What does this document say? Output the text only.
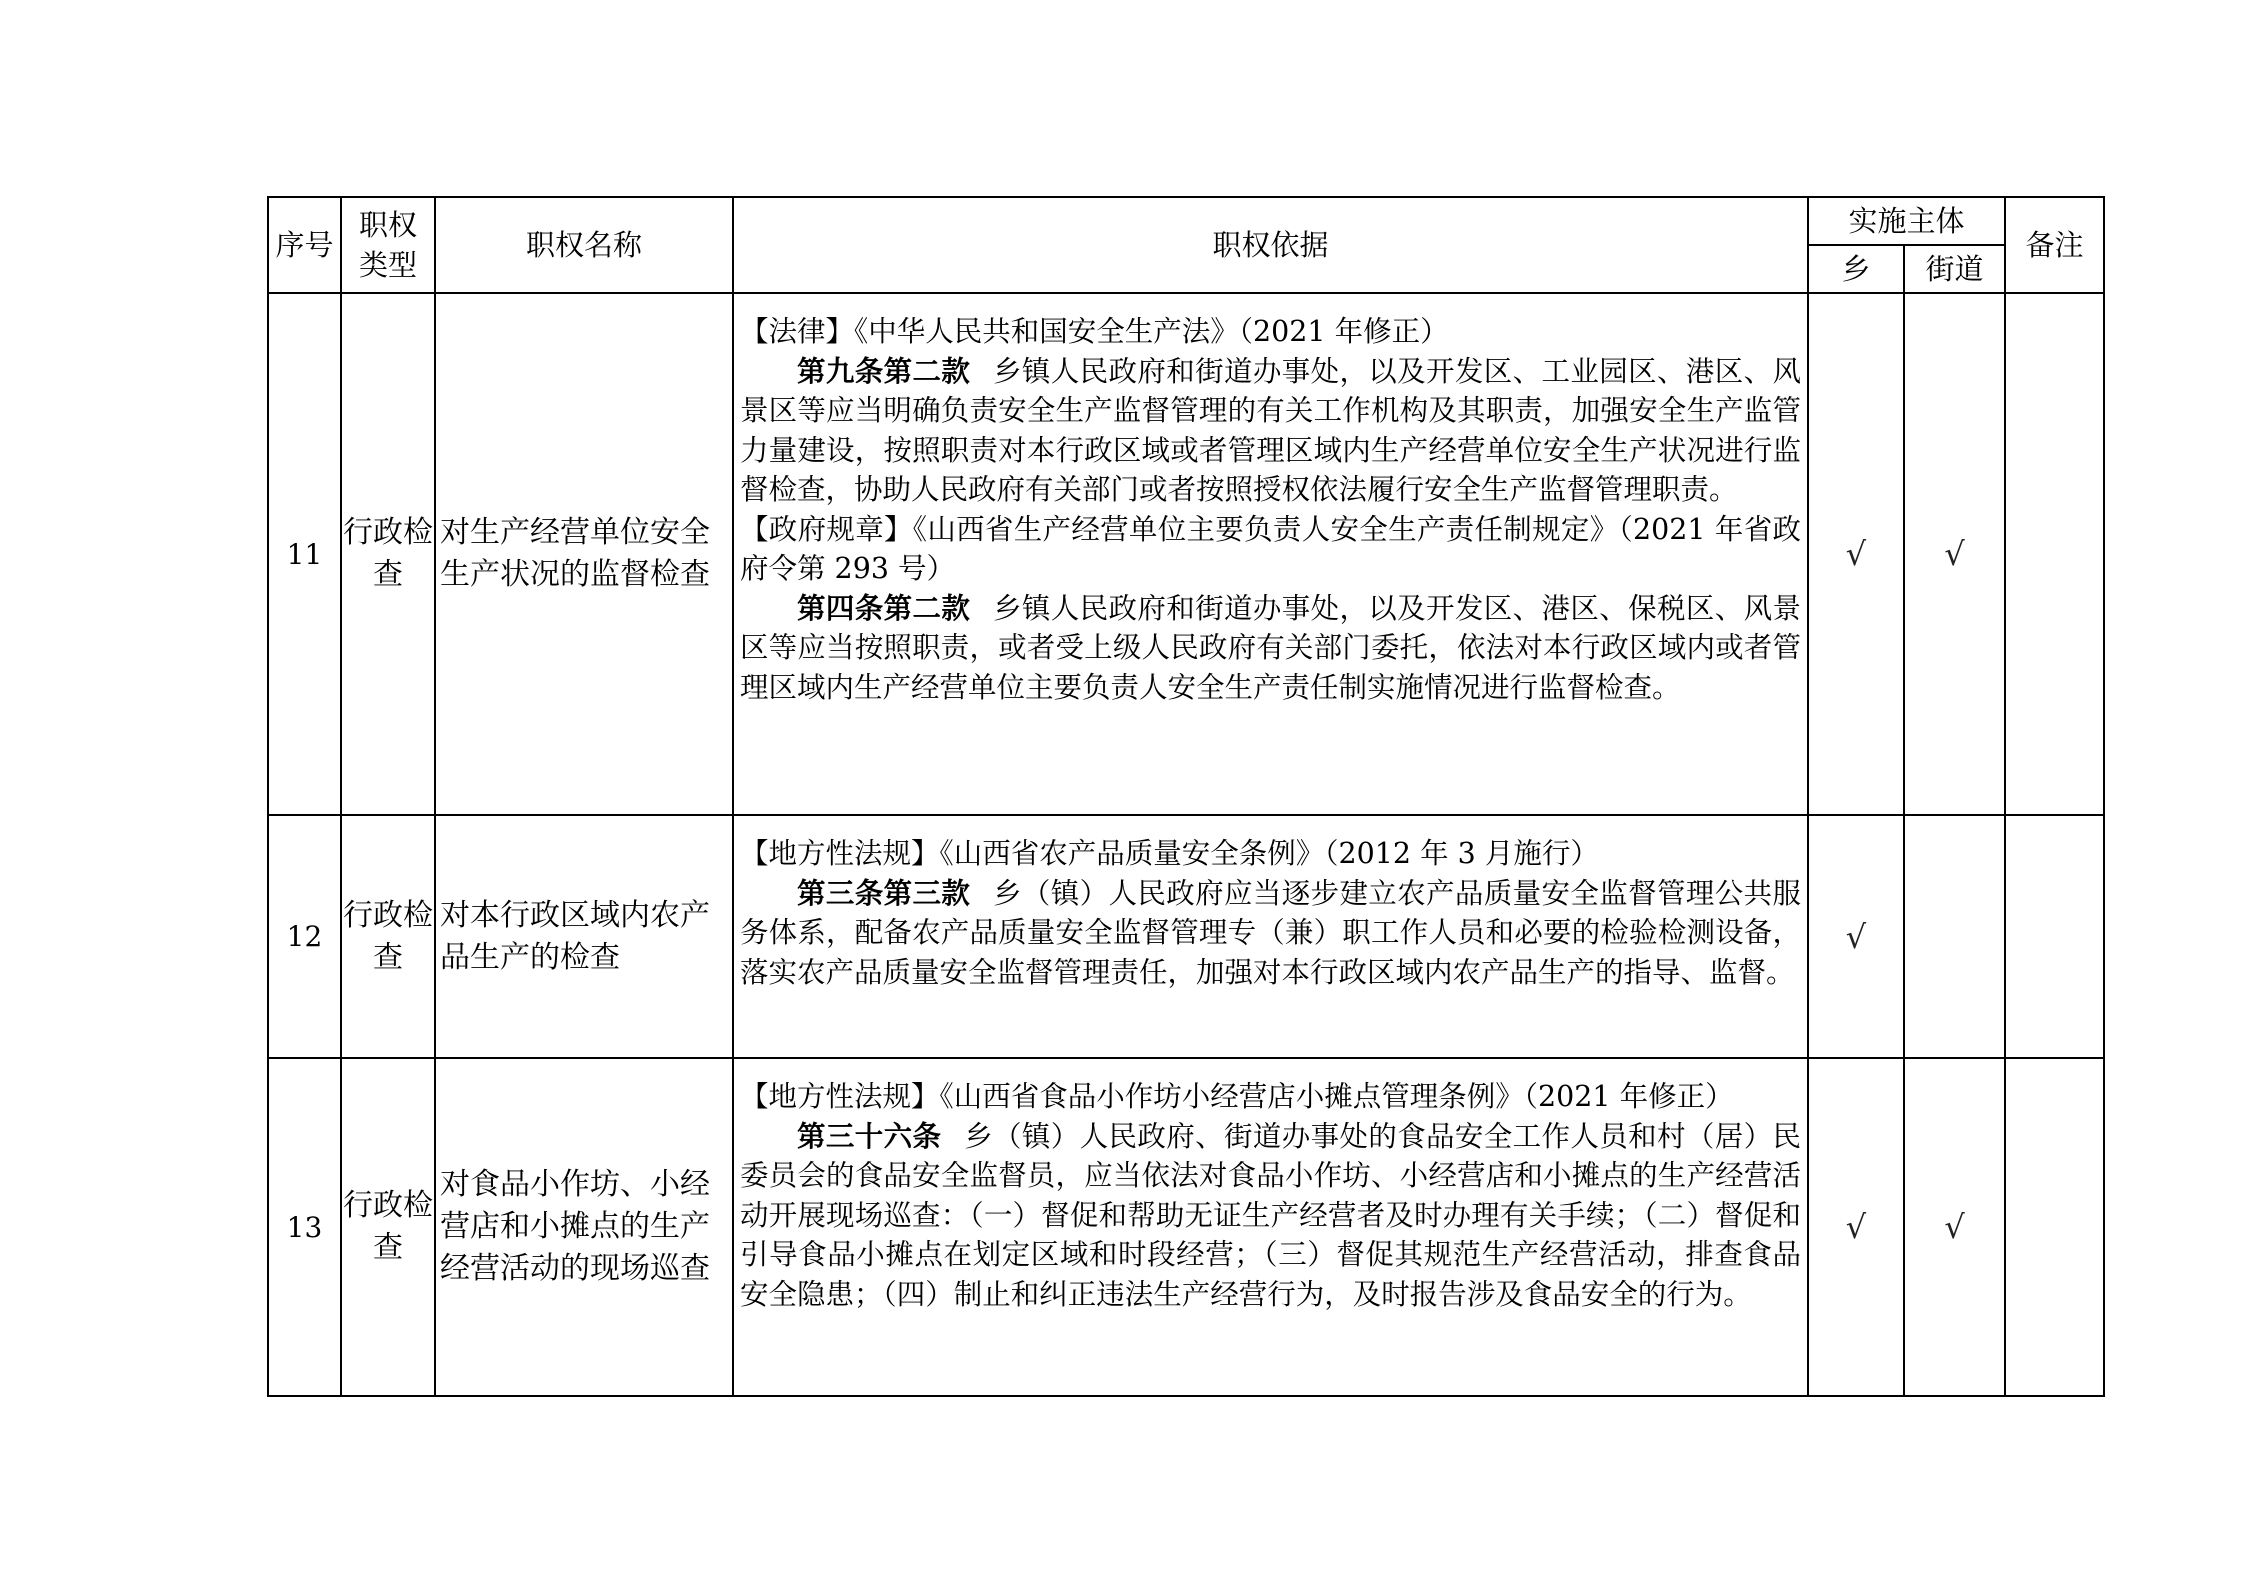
序号	职权类型	职权名称	职权依据	实施主体		备注
				乡	街道	
11	行政检查	对生产经营单位安全生产状况的监督检查	【法律】《中华人民共和国安全生产法》（2021 年修正）
第九条第二款 乡镇人民政府和街道办事处，以及开发区、工业园区、港区、风景区等应当明确负责安全生产监督管理的有关工作机构及其职责，加强安全生产监管力量建设，按照职责对本行政区域或者管理区域内生产经营单位安全生产状况进行监督检查，协助人民政府有关部门或者按照授权依法履行安全生产监督管理职责。
【政府规章】《山西省生产经营单位主要负责人安全生产责任制规定》（2021 年省政府令第 293 号）
第四条第二款 乡镇人民政府和街道办事处，以及开发区、港区、保税区、风景区等应当按照职责，或者受上级人民政府有关部门委托，依法对本行政区域内或者管理区域内生产经营单位主要负责人安全生产责任制实施情况进行监督检查。	√	√	
12	行政检查	对本行政区域内农产品生产的检查	【地方性法规】《山西省农产品质量安全条例》（2012 年 3 月施行）
第三条第三款 乡（镇）人民政府应当逐步建立农产品质量安全监督管理公共服务体系，配备农产品质量安全监督管理专（兼）职工作人员和必要的检验检测设备，落实农产品质量安全监督管理责任，加强对本行政区域内农产品生产的指导、监督。	√		
13	行政检查	对食品小作坊、小经营店和小摊点的生产经营活动的现场巡查	【地方性法规】《山西省食品小作坊小经营店小摊点管理条例》（2021 年修正）
第三十六条 乡（镇）人民政府、街道办事处的食品安全工作人员和村（居）民委员会的食品安全监督员，应当依法对食品小作坊、小经营店和小摊点的生产经营活动开展现场巡查：（一）督促和帮助无证生产经营者及时办理有关手续；（二）督促和引导食品小摊点在划定区域和时段经营；（三）督促其规范生产经营活动，排查食品安全隐患；（四）制止和纠正违法生产经营行为，及时报告涉及食品安全的行为。	√	√	
